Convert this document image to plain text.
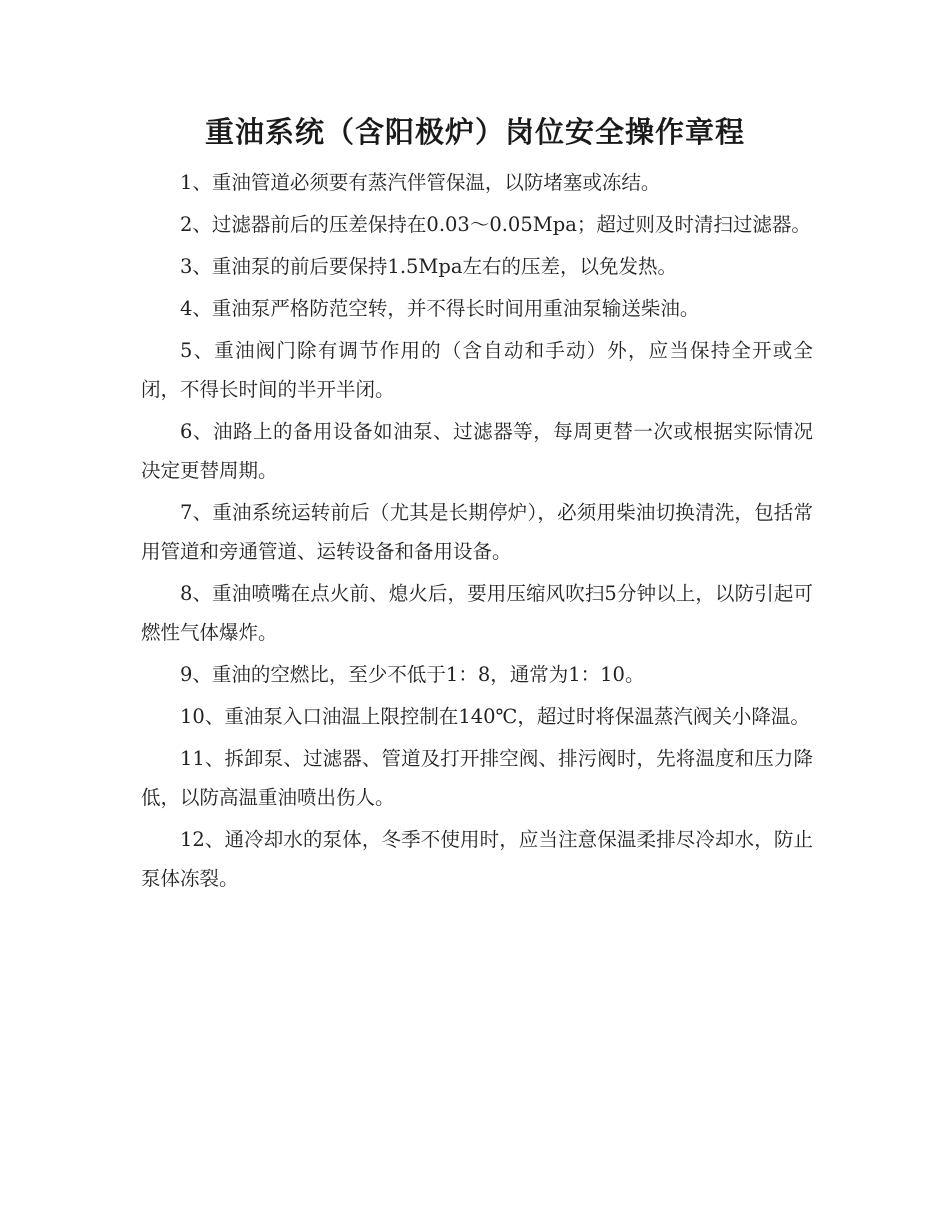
重油系统（含阳极炉）岗位安全操作章程

1、重油管道必须要有蒸汽伴管保温，以防堵塞或冻结。

2、过滤器前后的压差保持在0.03～0.05Mpa；超过则及时清扫过滤器。

3、重油泵的前后要保持1.5Mpa左右的压差，以免发热。

4、重油泵严格防范空转，并不得长时间用重油泵输送柴油。

5、重油阀门除有调节作用的（含自动和手动）外，应当保持全开或全闭，不得长时间的半开半闭。

6、油路上的备用设备如油泵、过滤器等，每周更替一次或根据实际情况决定更替周期。

7、重油系统运转前后（尤其是长期停炉），必须用柴油切换清洗，包括常用管道和旁通管道、运转设备和备用设备。

8、重油喷嘴在点火前、熄火后，要用压缩风吹扫5分钟以上，以防引起可燃性气体爆炸。

9、重油的空燃比，至少不低于1：8，通常为1：10。

10、重油泵入口油温上限控制在140℃，超过时将保温蒸汽阀关小降温。

11、拆卸泵、过滤器、管道及打开排空阀、排污阀时，先将温度和压力降低，以防高温重油喷出伤人。

12、通冷却水的泵体，冬季不使用时，应当注意保温柔排尽冷却水，防止泵体冻裂。
